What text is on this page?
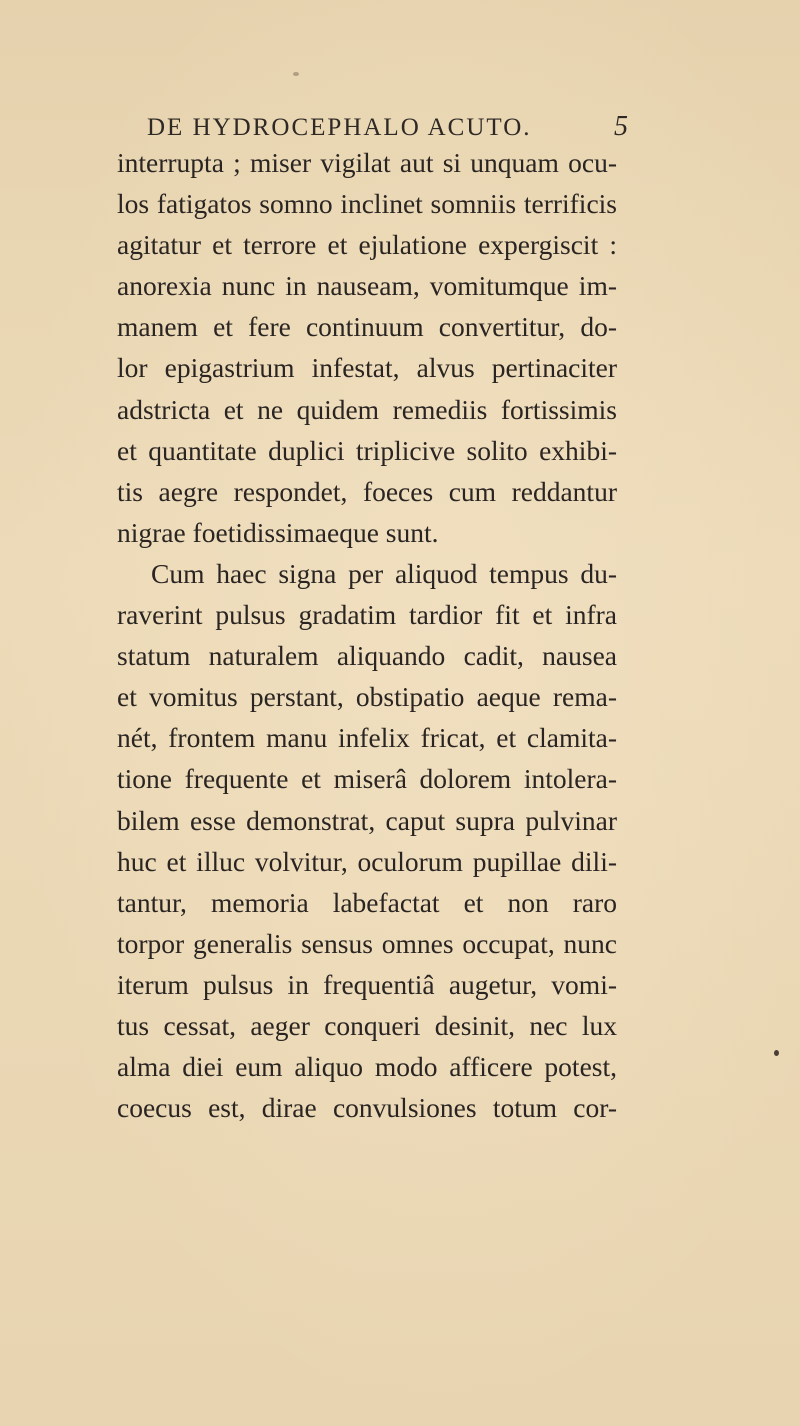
DE HYDROCEPHALO ACUTO.	5
interrupta ; miser vigilat aut si unquam ocu-
los fatigatos somno inclinet somniis terrificis
agitatur et terrore et ejulatione expergiscit :
anorexia nunc in nauseam, vomitumque im-
manem et fere continuum convertitur, do-
lor epigastrium infestat, alvus pertinaciter
adstricta et ne quidem remediis fortissimis
et quantitate duplici triplicive solito exhibi-
tis aegre respondet, foeces cum reddantur
nigrae foetidissimaeque sunt.
Cum haec signa per aliquod tempus du-
raverint pulsus gradatim tardior fit et infra
statum naturalem aliquando cadit, nausea
et vomitus perstant, obstipatio aeque rema-
nét, frontem manu infelix fricat, et clamita-
tione frequente et miserâ dolorem intolera-
bilem esse demonstrat, caput supra pulvinar
huc et illuc volvitur, oculorum pupillae dili-
tantur, memoria labefactat et non raro
torpor generalis sensus omnes occupat, nunc
iterum pulsus in frequentiâ augetur, vomi-
tus cessat, aeger conqueri desinit, nec lux
alma diei eum aliquo modo afficere potest,
coecus est, dirae convulsiones totum cor-
